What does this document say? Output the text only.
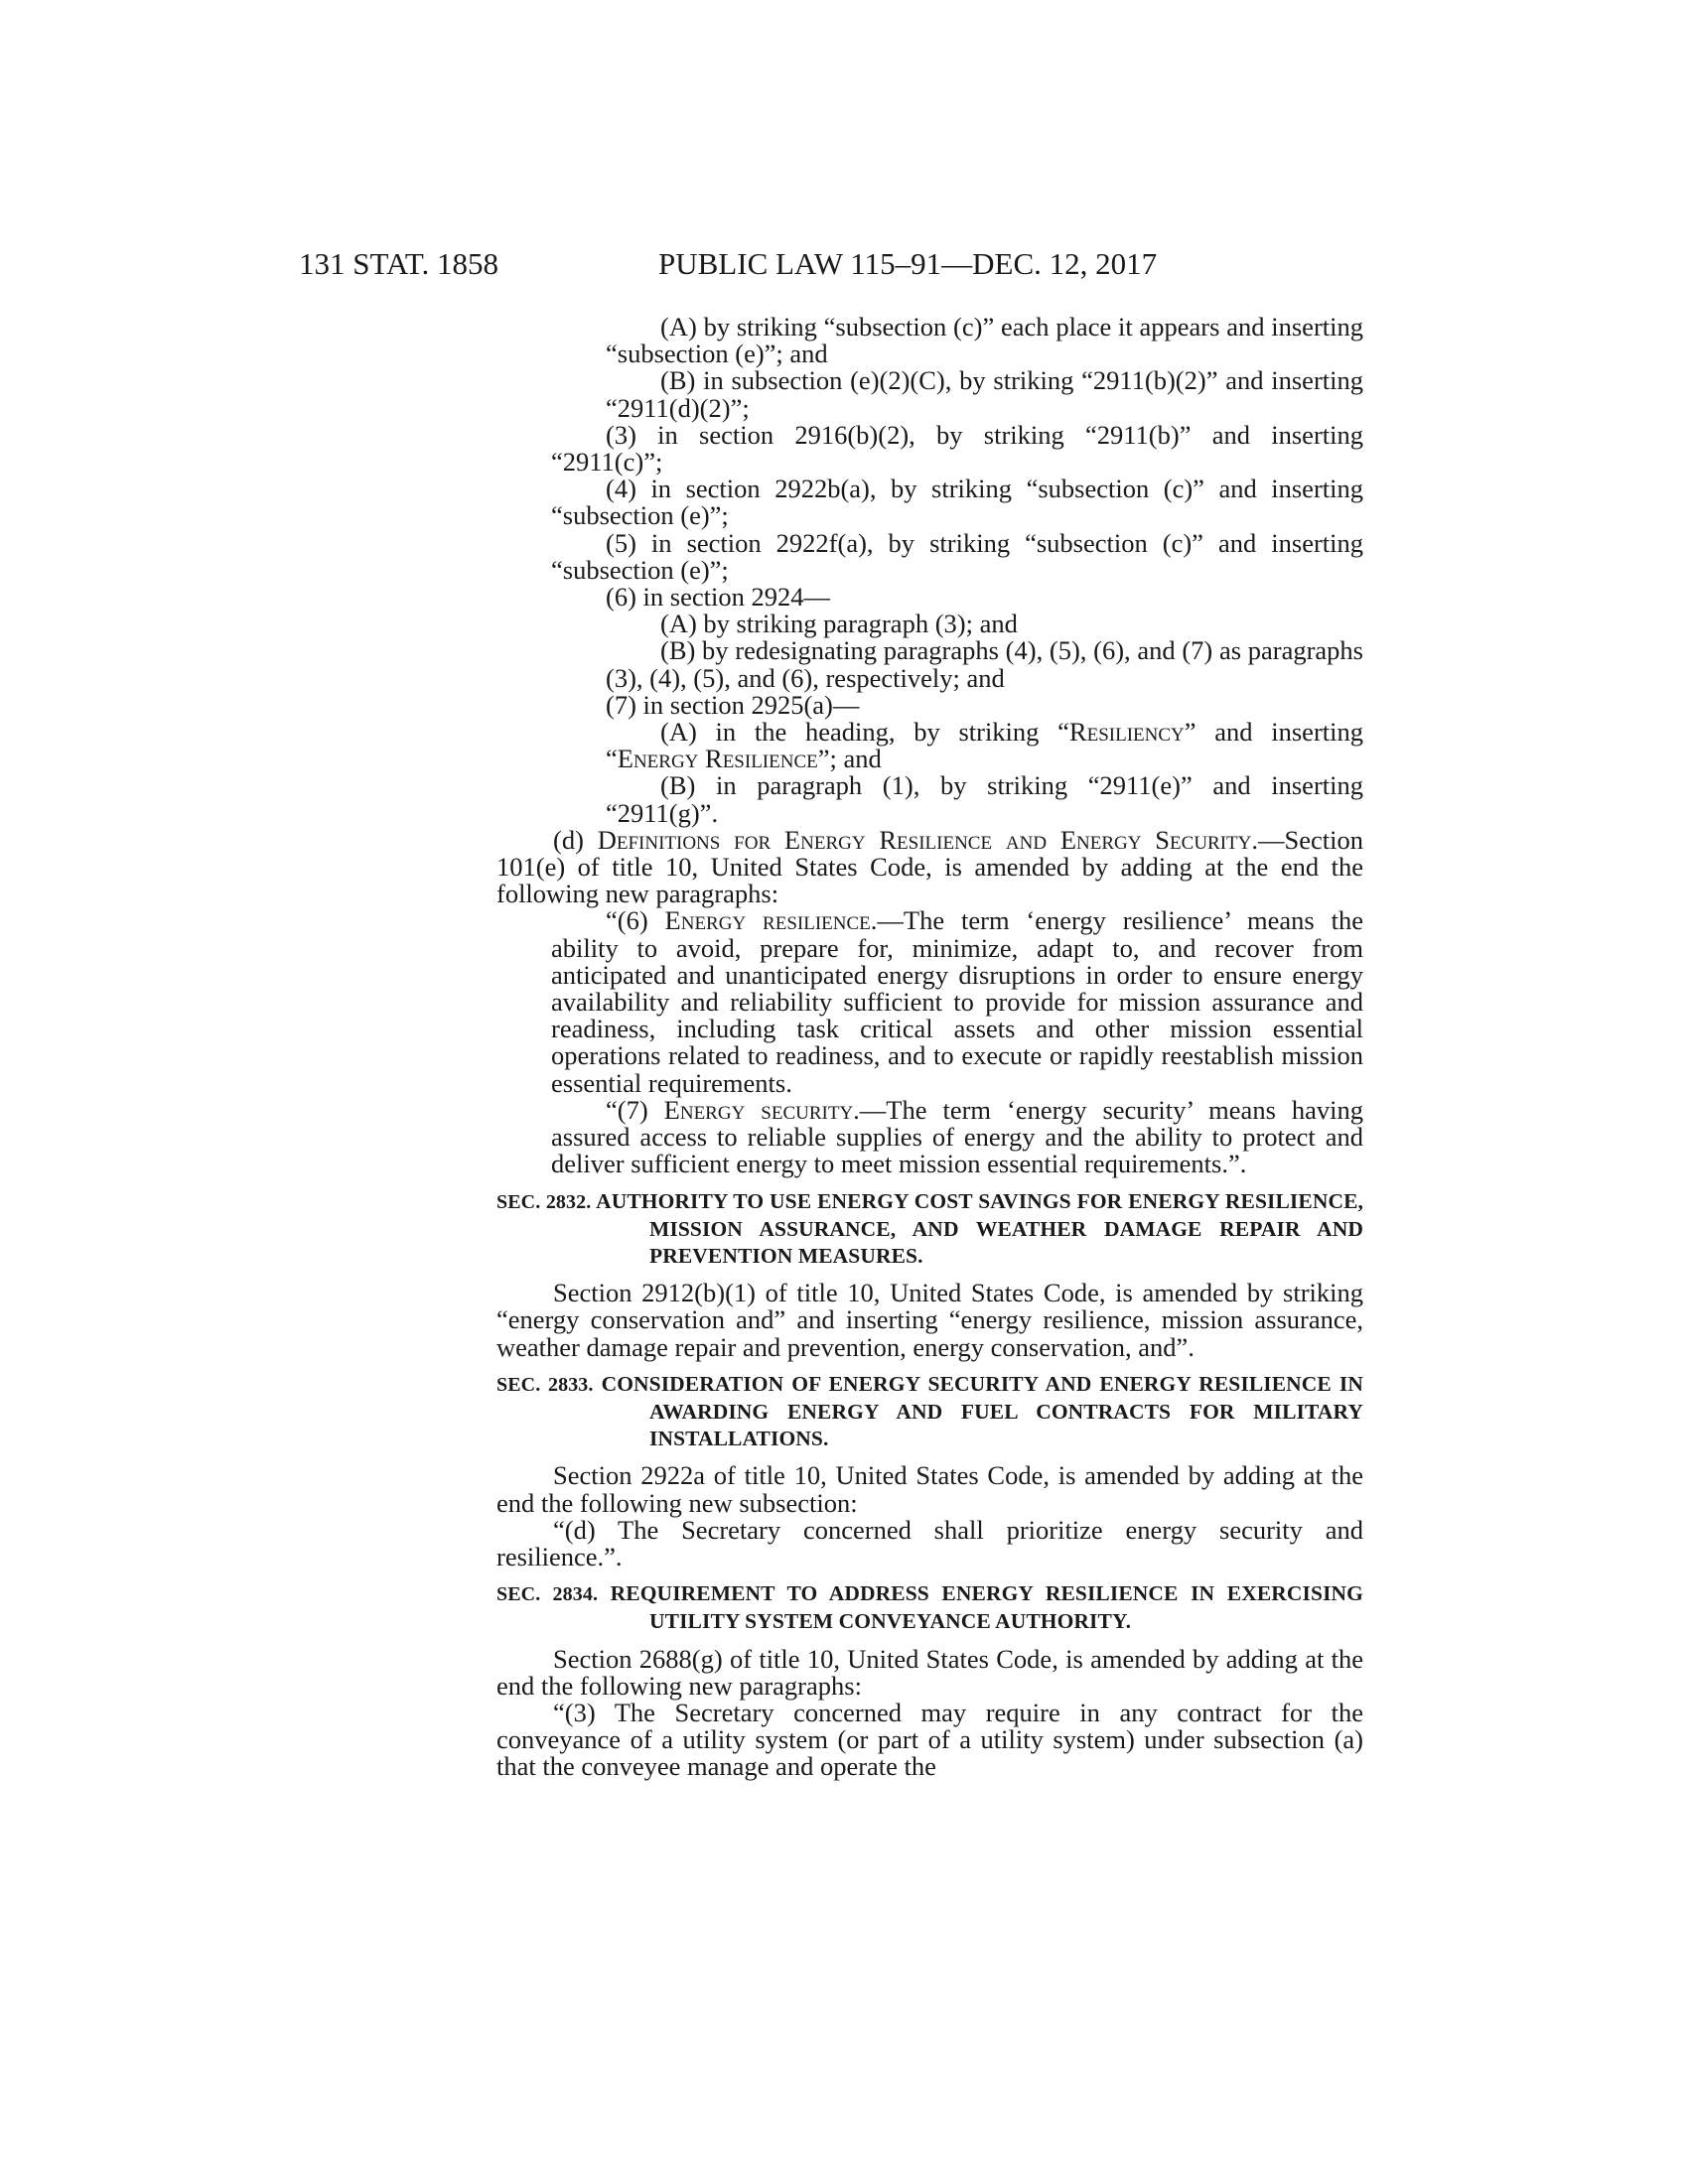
131 STAT. 1858	PUBLIC LAW 115–91—DEC. 12, 2017

(A) by striking “subsection (c)” each place it appears and inserting “subsection (e)”; and

(B) in subsection (e)(2)(C), by striking “2911(b)(2)” and inserting “2911(d)(2)”;

(3) in section 2916(b)(2), by striking “2911(b)” and inserting “2911(c)”;

(4) in section 2922b(a), by striking “subsection (c)” and inserting “subsection (e)”;

(5) in section 2922f(a), by striking “subsection (c)” and inserting “subsection (e)”;

(6) in section 2924—

(A) by striking paragraph (3); and

(B) by redesignating paragraphs (4), (5), (6), and (7) as paragraphs (3), (4), (5), and (6), respectively; and

(7) in section 2925(a)—

(A) in the heading, by striking “Resiliency” and inserting “Energy Resilience”; and

(B) in paragraph (1), by striking “2911(e)” and inserting “2911(g)”.

(d) Definitions for Energy Resilience and Energy Security.—Section 101(e) of title 10, United States Code, is amended by adding at the end the following new paragraphs:

“(6) Energy resilience.—The term ‘energy resilience’ means the ability to avoid, prepare for, minimize, adapt to, and recover from anticipated and unanticipated energy disruptions in order to ensure energy availability and reliability sufficient to provide for mission assurance and readiness, including task critical assets and other mission essential operations related to readiness, and to execute or rapidly reestablish mission essential requirements.

“(7) Energy security.—The term ‘energy security’ means having assured access to reliable supplies of energy and the ability to protect and deliver sufficient energy to meet mission essential requirements.”.

SEC. 2832. AUTHORITY TO USE ENERGY COST SAVINGS FOR ENERGY RESILIENCE, MISSION ASSURANCE, AND WEATHER DAMAGE REPAIR AND PREVENTION MEASURES.

Section 2912(b)(1) of title 10, United States Code, is amended by striking “energy conservation and” and inserting “energy resilience, mission assurance, weather damage repair and prevention, energy conservation, and”.

SEC. 2833. CONSIDERATION OF ENERGY SECURITY AND ENERGY RESILIENCE IN AWARDING ENERGY AND FUEL CONTRACTS FOR MILITARY INSTALLATIONS.

Section 2922a of title 10, United States Code, is amended by adding at the end the following new subsection:

“(d) The Secretary concerned shall prioritize energy security and resilience.”.

SEC. 2834. REQUIREMENT TO ADDRESS ENERGY RESILIENCE IN EXERCISING UTILITY SYSTEM CONVEYANCE AUTHORITY.

Section 2688(g) of title 10, United States Code, is amended by adding at the end the following new paragraphs:

“(3) The Secretary concerned may require in any contract for the conveyance of a utility system (or part of a utility system) under subsection (a) that the conveyee manage and operate the
